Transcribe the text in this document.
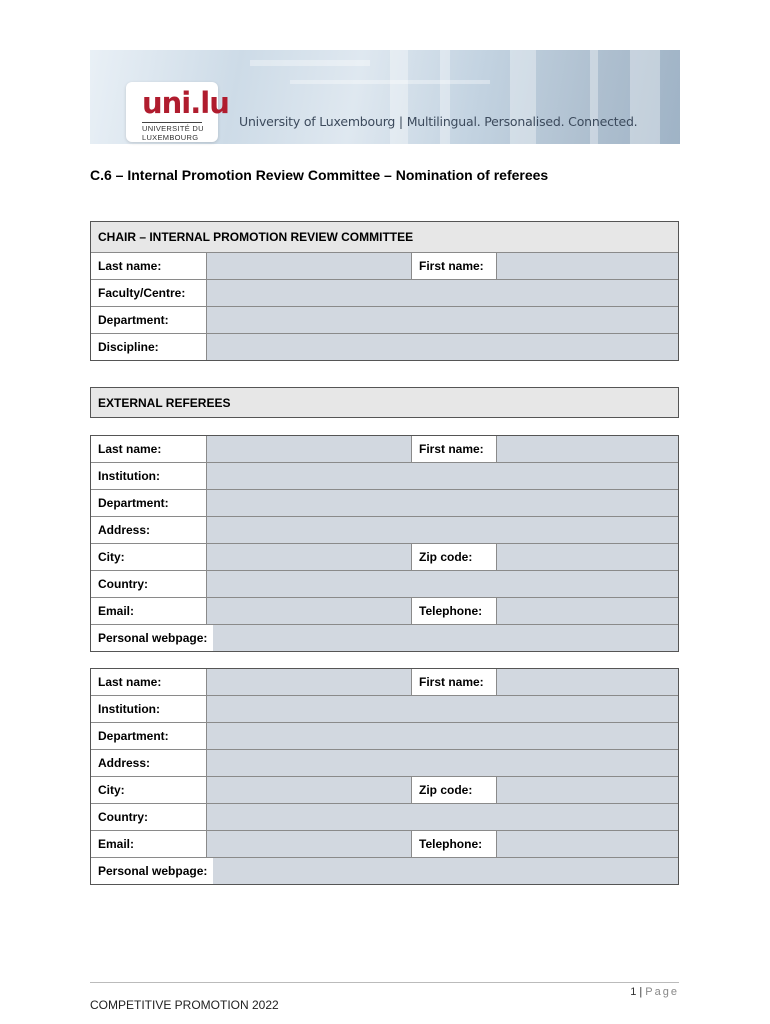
uni.lu
UNIVERSITÉ DU
LUXEMBOURG
University of Luxembourg | Multilingual. Personalised. Connected.
C.6 – Internal Promotion Review Committee – Nomination of referees
CHAIR – INTERNAL PROMOTION REVIEW COMMITTEE
Last name:	First name:
Faculty/Centre:
Department:
Discipline:
EXTERNAL REFEREES
Last name:	First name:
Institution:
Department:
Address:
City:	Zip code:
Country:
Email:	Telephone:
Personal webpage:
Last name:	First name:
Institution:
Department:
Address:
City:	Zip code:
Country:
Email:	Telephone:
Personal webpage:
1 | Page
COMPETITIVE PROMOTION 2022
